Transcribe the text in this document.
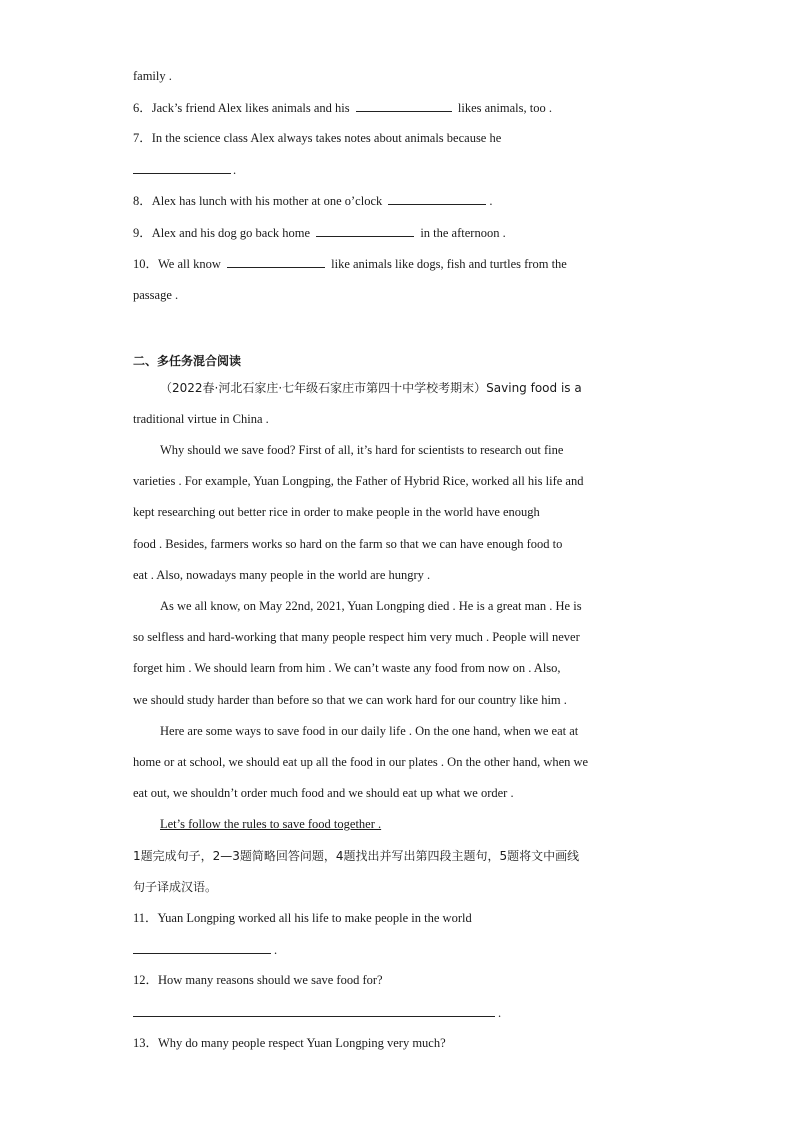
family .
6．Jack’s friend Alex likes animals and his	likes animals, too .
7．In the science class Alex always takes notes about animals because he
.
8．Alex has lunch with his mother at one o’clock	.
9．Alex and his dog go back home	in the afternoon .
10．We all know	like animals like dogs, fish and turtles from the
passage .
二、多任务混合阅读
（2022春·河北石家庄·七年级石家庄市第四十中学校考期末）Saving food is a
traditional virtue in China .
Why should we save food? First of all, it’s hard for scientists to research out fine
varieties . For example, Yuan Longping, the Father of Hybrid Rice, worked all his life and
kept researching out better rice in order to make people in the world have enough
food . Besides, farmers works so hard on the farm so that we can have enough food to
eat . Also, nowadays many people in the world are hungry .
As we all know, on May 22nd, 2021, Yuan Longping died . He is a great man . He is
so selfless and hard-working that many people respect him very much . People will never
forget him . We should learn from him . We can’t waste any food from now on . Also,
we should study harder than before so that we can work hard for our country like him .
Here are some ways to save food in our daily life . On the one hand, when we eat at
home or at school, we should eat up all the food in our plates . On the other hand, when we
eat out, we shouldn’t order much food and we should eat up what we order .
Let’s follow the rules to save food together .
1题完成句子，2—3题简略回答问题，4题找出并写出第四段主题句，5题将文中画线
句子译成汉语。
11．Yuan Longping worked all his life to make people in the world
.
12．How many reasons should we save food for?
.
13．Why do many people respect Yuan Longping very much?
